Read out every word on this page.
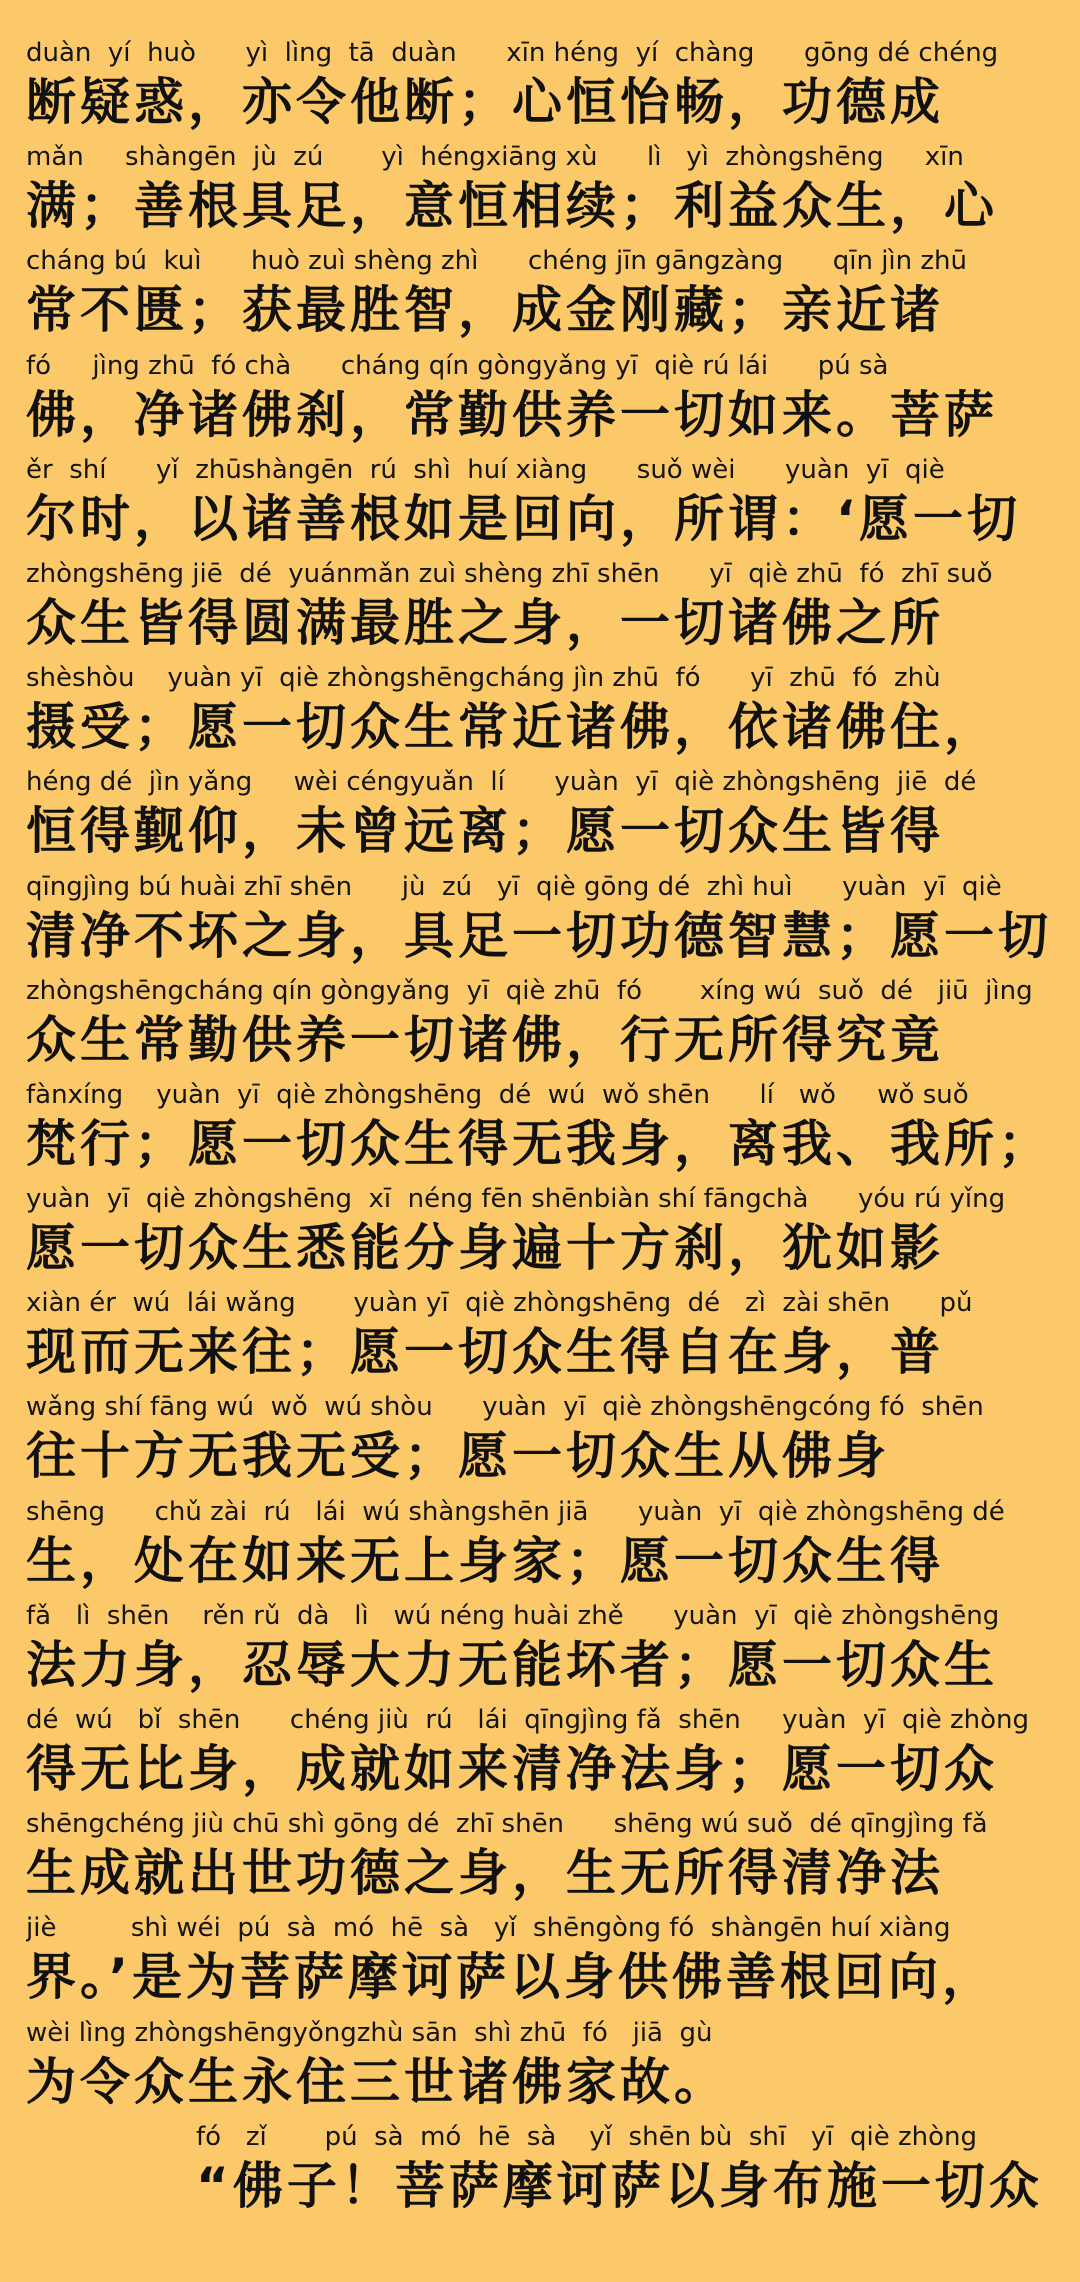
duàn  yí  huò      yì  lìng  tā  duàn      xīn héng  yí  chàng      gōng dé chéng
断疑惑，亦令他断；心恒怡畅，功德成
mǎn     shàngēn  jù  zú       yì  héngxiāng xù      lì   yì  zhòngshēng     xīn
满；善根具足，意恒相续；利益众生，心
cháng bú  kuì      huò zuì shèng zhì      chéng jīn gāngzàng      qīn jìn zhū
常不匮；获最胜智，成金刚藏；亲近诸
fó     jìng zhū  fó chà      cháng qín gòngyǎng yī  qiè rú lái      pú sà
佛，净诸佛刹，常勤供养一切如来。菩萨
ěr  shí      yǐ  zhūshàngēn  rú  shì  huí xiàng      suǒ wèi      yuàn  yī  qiè
尔时，以诸善根如是回向，所谓：‘愿一切
zhòngshēng jiē  dé  yuánmǎn zuì shèng zhī shēn      yī  qiè zhū  fó  zhī suǒ
众生皆得圆满最胜之身，一切诸佛之所
shèshòu    yuàn yī  qiè zhòngshēngcháng jìn zhū  fó      yī  zhū  fó  zhù
摄受；愿一切众生常近诸佛，依诸佛住，
héng dé  jìn yǎng     wèi céngyuǎn  lí      yuàn  yī  qiè zhòngshēng  jiē  dé
恒得觐仰，未曾远离；愿一切众生皆得
qīngjìng bú huài zhī shēn      jù  zú   yī  qiè gōng dé  zhì huì      yuàn  yī  qiè
清净不坏之身，具足一切功德智慧；愿一切
zhòngshēngcháng qín gòngyǎng  yī  qiè zhū  fó       xíng wú  suǒ  dé   jiū  jìng
众生常勤供养一切诸佛，行无所得究竟
fànxíng    yuàn  yī  qiè zhòngshēng  dé  wú  wǒ shēn      lí   wǒ     wǒ suǒ
梵行；愿一切众生得无我身，离我、我所；
yuàn  yī  qiè zhòngshēng  xī  néng fēn shēnbiàn shí fāngchà      yóu rú yǐng
愿一切众生悉能分身遍十方刹，犹如影
xiàn ér  wú  lái wǎng       yuàn yī  qiè zhòngshēng  dé   zì  zài shēn      pǔ
现而无来往；愿一切众生得自在身，普
wǎng shí fāng wú  wǒ  wú shòu      yuàn  yī  qiè zhòngshēngcóng fó  shēn
往十方无我无受；愿一切众生从佛身
shēng      chǔ zài  rú   lái  wú shàngshēn jiā      yuàn  yī  qiè zhòngshēng dé
生，处在如来无上身家；愿一切众生得
fǎ   lì  shēn    rěn rǔ  dà   lì   wú néng huài zhě      yuàn  yī  qiè zhòngshēng
法力身，忍辱大力无能坏者；愿一切众生
dé  wú   bǐ  shēn      chéng jiù  rú   lái  qīngjìng fǎ  shēn     yuàn  yī  qiè zhòng
得无比身，成就如来清净法身；愿一切众
shēngchéng jiù chū shì gōng dé  zhī shēn      shēng wú suǒ  dé qīngjìng fǎ
生成就出世功德之身，生无所得清净法
jiè         shì wéi  pú  sà  mó  hē  sà   yǐ  shēngòng fó  shàngēn huí xiàng
界。’是为菩萨摩诃萨以身供佛善根回向，
wèi lìng zhòngshēngyǒngzhù sān  shì zhū  fó   jiā  gù
为令众生永住三世诸佛家故。
fó   zǐ       pú  sà  mó  hē  sà    yǐ  shēn bù  shī   yī  qiè zhòng
“佛子！菩萨摩诃萨以身布施一切众
